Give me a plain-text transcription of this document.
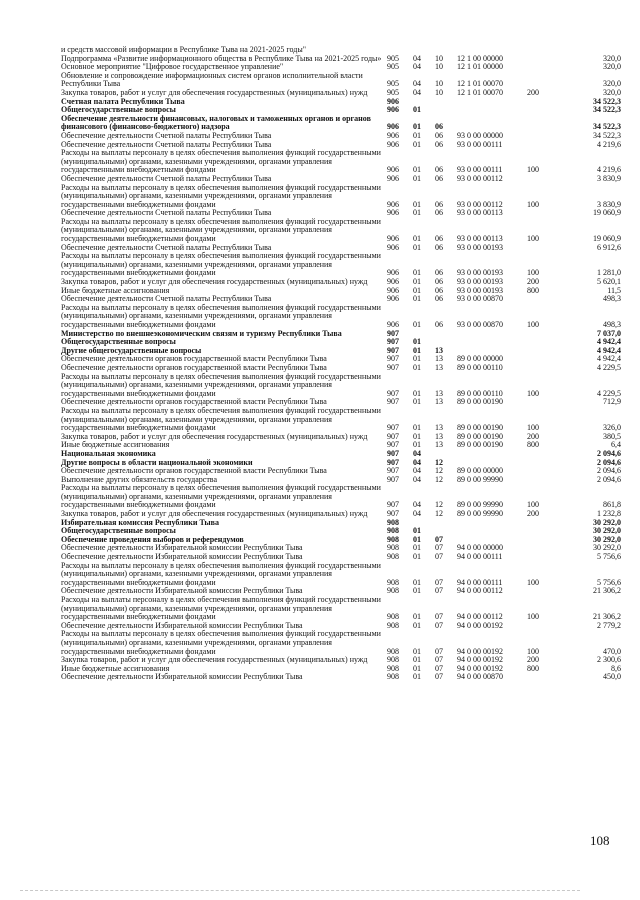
и средств массовой информации в Республике Тыва на 2021-2025 годы"
Подпрограмма «Развитие информационного общества в Республике Тыва на 2021-2025 годы» 905	04	10	12 1 00 00000	320,0
Основное мероприятие "Цифровое государственное управление"	905	04	10	12 1 01 00000	320,0
Обновление и сопровождение информационных систем органов исполнительной власти Республики Тыва	905	04	10	12 1 01 00070	320,0
Закупка товаров, работ и услуг для обеспечения государственных (муниципальных) нужд	905	04	10	12 1 01 00070	200	320,0
Счетная палата Республики Тыва	906	34 522,3
Общегосударственные вопросы	906	01	34 522,3
Обеспечение деятельности финансовых, налоговых и таможенных органов и органов финансового (финансово-бюджетного) надзора	906	01	06	34 522,3
Обеспечение деятельности Счетной палаты Республики Тыва	906	01	06	93 0 00 00000	34 522,3
Обеспечение деятельности Счетной палаты Республики Тыва	906	01	06	93 0 00 00111	4 219,6
Расходы на выплаты персоналу в целях обеспечения выполнения функций государственными (муниципальными) органами, казенными учреждениями, органами управления государственными внебюджетными фондами	906	01	06	93 0 00 00111	100	4 219,6
Обеспечение деятельности Счетной палаты Республики Тыва	906	01	06	93 0 00 00112	3 830,9
Расходы на выплаты персоналу в целях обеспечения выполнения функций государственными (муниципальными) органами, казенными учреждениями, органами управления государственными внебюджетными фондами	906	01	06	93 0 00 00112	100	3 830,9
Обеспечение деятельности Счетной палаты Республики Тыва	906	01	06	93 0 00 00113	19 060,9
Расходы на выплаты персоналу в целях обеспечения выполнения функций государственными (муниципальными) органами, казенными учреждениями, органами управления государственными внебюджетными фондами	906	01	06	93 0 00 00113	100	19 060,9
Обеспечение деятельности Счетной палаты Республики Тыва	906	01	06	93 0 00 00193	6 912,6
Расходы на выплаты персоналу в целях обеспечения выполнения функций государственными (муниципальными) органами, казенными учреждениями, органами управления государственными внебюджетными фондами	906	01	06	93 0 00 00193	100	1 281,0
Закупка товаров, работ и услуг для обеспечения государственных (муниципальных) нужд	906	01	06	93 0 00 00193	200	5 620,1
Иные бюджетные ассигнования	906	01	06	93 0 00 00193	800	11,5
Обеспечение деятельности Счетной палаты Республики Тыва	906	01	06	93 0 00 00870	498,3
Расходы на выплаты персоналу в целях обеспечения выполнения функций государственными (муниципальными) органами, казенными учреждениями, органами управления государственными внебюджетными фондами	906	01	06	93 0 00 00870	100	498,3
Министерство по внешнеэкономическим связям и туризму Республики Тыва	907	7 037,0
Общегосударственные вопросы	907	01	4 942,4
Другие общегосударственные вопросы	907	01	13	4 942,4
Обеспечение деятельности органов государственной власти Республики Тыва	907	01	13	89 0 00 00000	4 942,4
Обеспечение деятельности органов государственной власти Республики Тыва	907	01	13	89 0 00 00110	4 229,5
Расходы на выплаты персоналу в целях обеспечения выполнения функций государственными (муниципальными) органами, казенными учреждениями, органами управления государственными внебюджетными фондами	907	01	13	89 0 00 00110	100	4 229,5
Обеспечение деятельности органов государственной власти Республики Тыва	907	01	13	89 0 00 00190	712,9
Расходы на выплаты персоналу в целях обеспечения выполнения функций государственными (муниципальными) органами, казенными учреждениями, органами управления государственными внебюджетными фондами	907	01	13	89 0 00 00190	100	326,0
Закупка товаров, работ и услуг для обеспечения государственных (муниципальных) нужд	907	01	13	89 0 00 00190	200	380,5
Иные бюджетные ассигнования	907	01	13	89 0 00 00190	800	6,4
Национальная экономика	907	04	2 094,6
Другие вопросы в области национальной экономики	907	04	12	2 094,6
Обеспечение деятельности органов государственной власти Республики Тыва	907	04	12	89 0 00 00000	2 094,6
Выполнение других обязательств государства	907	04	12	89 0 00 99990	2 094,6
Расходы на выплаты персоналу в целях обеспечения выполнения функций государственными (муниципальными) органами, казенными учреждениями, органами управления государственными внебюджетными фондами	907	04	12	89 0 00 99990	100	861,8
Закупка товаров, работ и услуг для обеспечения государственных (муниципальных) нужд	907	04	12	89 0 00 99990	200	1 232,8
Избирательная комиссия Республики Тыва	908	30 292,0
Общегосударственные вопросы	908	01	30 292,0
Обеспечение проведения выборов и референдумов	908	01	07	30 292,0
Обеспечение деятельности Избирательной комиссии Республики Тыва	908	01	07	94 0 00 00000	30 292,0
Обеспечение деятельности Избирательной комиссии Республики Тыва	908	01	07	94 0 00 00111	5 756,6
Расходы на выплаты персоналу в целях обеспечения выполнения функций государственными (муниципальными) органами, казенными учреждениями, органами управления государственными внебюджетными фондами	908	01	07	94 0 00 00111	100	5 756,6
Обеспечение деятельности Избирательной комиссии Республики Тыва	908	01	07	94 0 00 00112	21 306,2
Расходы на выплаты персоналу в целях обеспечения выполнения функций государственными (муниципальными) органами, казенными учреждениями, органами управления государственными внебюджетными фондами	908	01	07	94 0 00 00112	100	21 306,2
Обеспечение деятельности Избирательной комиссии Республики Тыва	908	01	07	94 0 00 00192	2 779,2
Расходы на выплаты персоналу в целях обеспечения выполнения функций государственными (муниципальными) органами, казенными учреждениями, органами управления государственными внебюджетными фондами	908	01	07	94 0 00 00192	100	470,0
Закупка товаров, работ и услуг для обеспечения государственных (муниципальных) нужд	908	01	07	94 0 00 00192	200	2 300,6
Иные бюджетные ассигнования	908	01	07	94 0 00 00192	800	8,6
Обеспечение деятельности Избирательной комиссии Республики Тыва	908	01	07	94 0 00 00870	450,0
108
